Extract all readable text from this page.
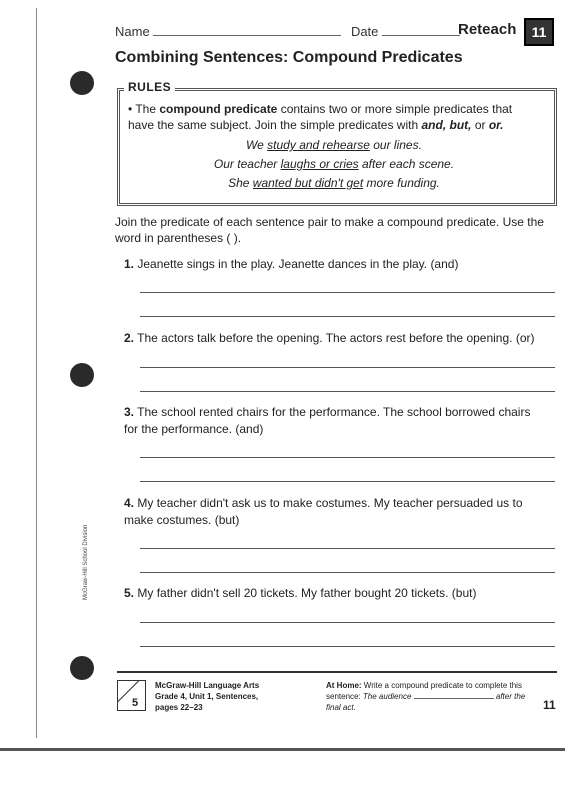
Name	Date	Reteach	11
Combining Sentences: Compound Predicates
RULES
• The compound predicate contains two or more simple predicates that have the same subject. Join the simple predicates with and, but, or or.
We study and rehearse our lines.
Our teacher laughs or cries after each scene.
She wanted but didn't get more funding.
Join the predicate of each sentence pair to make a compound predicate. Use the word in parentheses ( ).
1. Jeanette sings in the play. Jeanette dances in the play. (and)
2. The actors talk before the opening. The actors rest before the opening. (or)
3. The school rented chairs for the performance. The school borrowed chairs for the performance. (and)
4. My teacher didn't ask us to make costumes. My teacher persuaded us to make costumes. (but)
5. My father didn't sell 20 tickets. My father bought 20 tickets. (but)
5
McGraw-Hill Language Arts
Grade 4, Unit 1, Sentences,
pages 22–23
At Home: Write a compound predicate to complete this
sentence: The audience	after the
final act.	11
McGraw-Hill School Division
